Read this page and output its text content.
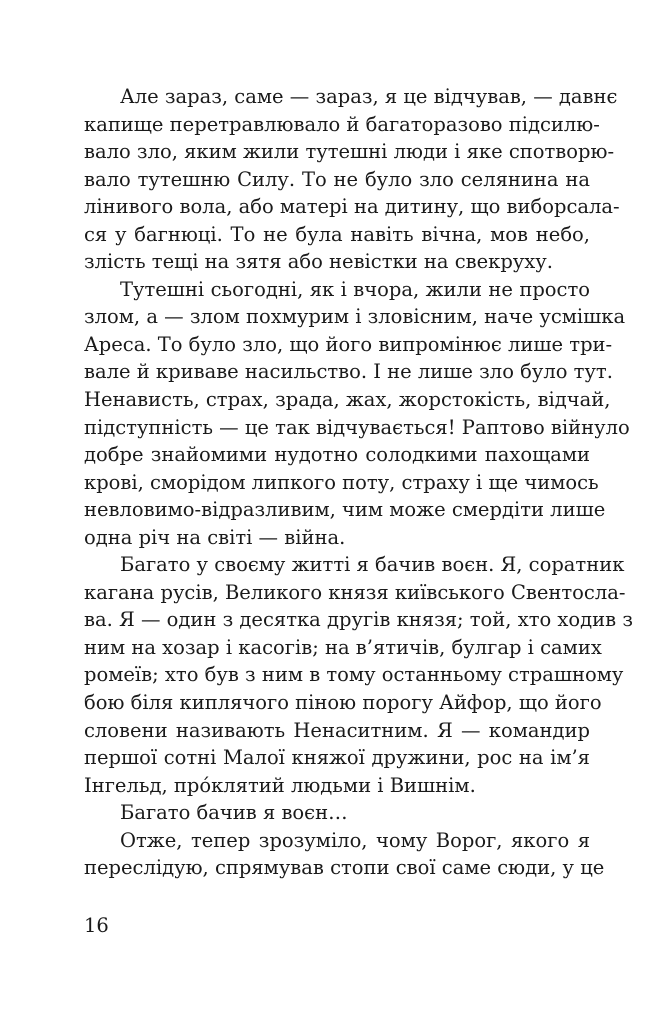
Але зараз, саме — зараз, я це відчував, — давнє
капище перетравлювало й багаторазово підсилю-
вало зло, яким жили тутешні люди і яке спотворю-
вало тутешню Силу. То не було зло селянина на
лінивого вола, або матері на дитину, що виборсала-
ся у багнюці. То не була навіть вічна, мов небо,
злість тещі на зятя або невістки на свекруху.

Тутешні сьогодні, як і вчора, жили не просто
злом, а — злом похмурим і зловісним, наче усмішка
Ареса. То було зло, що його випромінює лише три-
вале й криваве насильство. І не лише зло було тут.
Ненависть, страх, зрада, жах, жорстокість, відчай,
підступність — це так відчувається! Раптово війнуло
добре знайомими нудотно солодкими пахощами
крові, сморідом липкого поту, страху і ще чимось
невловимо-відразливим, чим може смердіти лише
одна річ на світі — війна.

Багато у своєму житті я бачив воєн. Я, соратник
кагана русів, Великого князя київського Свентосла-
ва. Я — один з десятка другів князя; той, хто ходив з
ним на хозар і касогів; на в’ятичів, булгар і самих
ромеїв; хто був з ним в тому останньому страшному
бою біля киплячого піною порогу Айфор, що його
словени називають Ненаситним. Я — командир
першої сотні Малої княжої дружини, рос на ім’я
Інгельд, про́клятий людьми і Вишнім.

Багато бачив я воєн…

Отже, тепер зрозуміло, чому Ворог, якого я
переслідую, спрямував стопи свої саме сюди, у це

16
